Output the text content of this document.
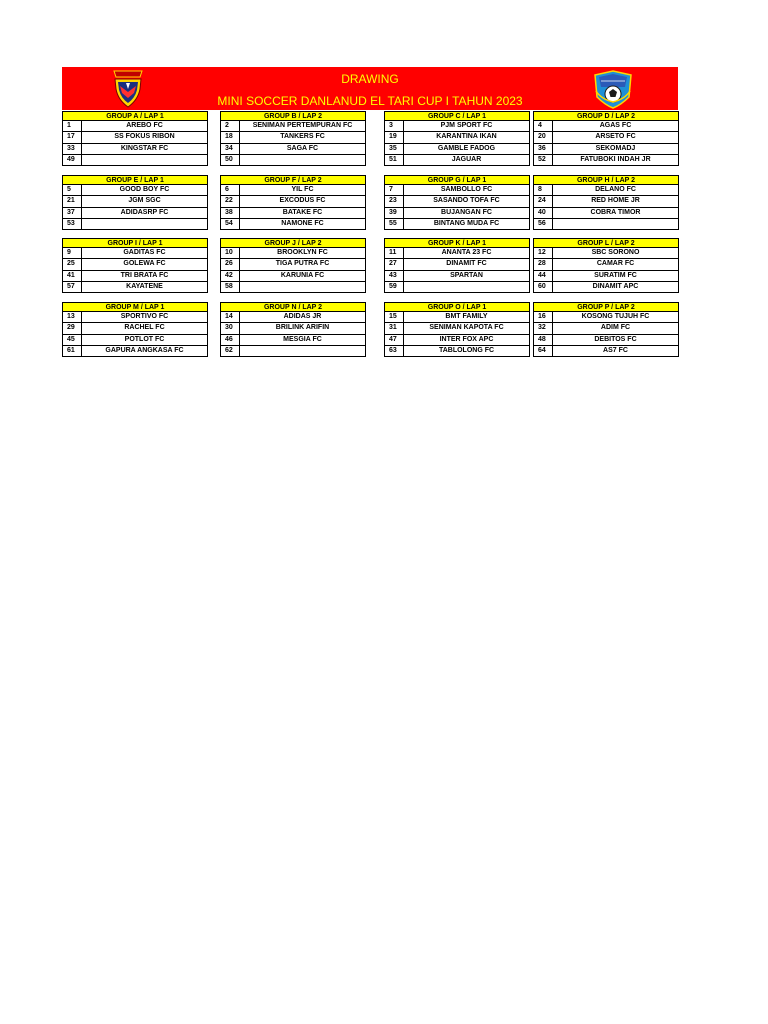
DRAWING
MINI SOCCER DANLANUD EL TARI CUP I TAHUN 2023
GROUP A / LAP 1
1	AREBO FC
17	SS FOKUS RIBON
33	KINGSTAR FC
49
GROUP B / LAP 2
2	SENIMAN PERTEMPURAN FC
18	TANKERS FC
34	SAGA FC
50
GROUP C / LAP 1
3	PJM SPORT FC
19	KARANTINA IKAN
35	GAMBLE FADOG
51	JAGUAR
GROUP D / LAP 2
4	AGAS FC
20	ARSETO FC
36	SEKOMADJ
52	FATUBOKI INDAH JR
GROUP E / LAP 1
5	GOOD BOY FC
21	JGM SGC
37	ADIDASRP FC
53
GROUP F / LAP 2
6	YIL FC
22	EXCODUS FC
38	BATAKE FC
54	NAMONE FC
GROUP G / LAP 1
7	SAMBOLLO FC
23	SASANDO TOFA FC
39	BUJANGAN FC
55	BINTANG MUDA FC
GROUP H / LAP 2
8	DELANO FC
24	RED HOME JR
40	COBRA TIMOR
56
GROUP I / LAP 1
9	GADITAS FC
25	GOLEWA FC
41	TRI BRATA FC
57	KAYATENE
GROUP J / LAP 2
10	BROOKLYN FC
26	TIGA PUTRA FC
42	KARUNIA FC
58
GROUP K / LAP 1
11	ANANTA 23 FC
27	DINAMIT FC
43	SPARTAN
59
GROUP L / LAP 2
12	SBC SORONO
28	CAMAR FC
44	SURATIM FC
60	DINAMIT APC
GROUP M / LAP 1
13	SPORTIVO FC
29	RACHEL FC
45	POTLOT FC
61	GAPURA ANGKASA FC
GROUP N / LAP 2
14	ADIDAS JR
30	BRILINK ARIFIN
46	MESGIA FC
62
GROUP O / LAP 1
15	BMT FAMILY
31	SENIMAN KAPOTA FC
47	INTER FOX APC
63	TABLOLONG FC
GROUP P / LAP 2
16	KOSONG TUJUH FC
32	ADIM FC
48	DEBITOS FC
64	AS7 FC
